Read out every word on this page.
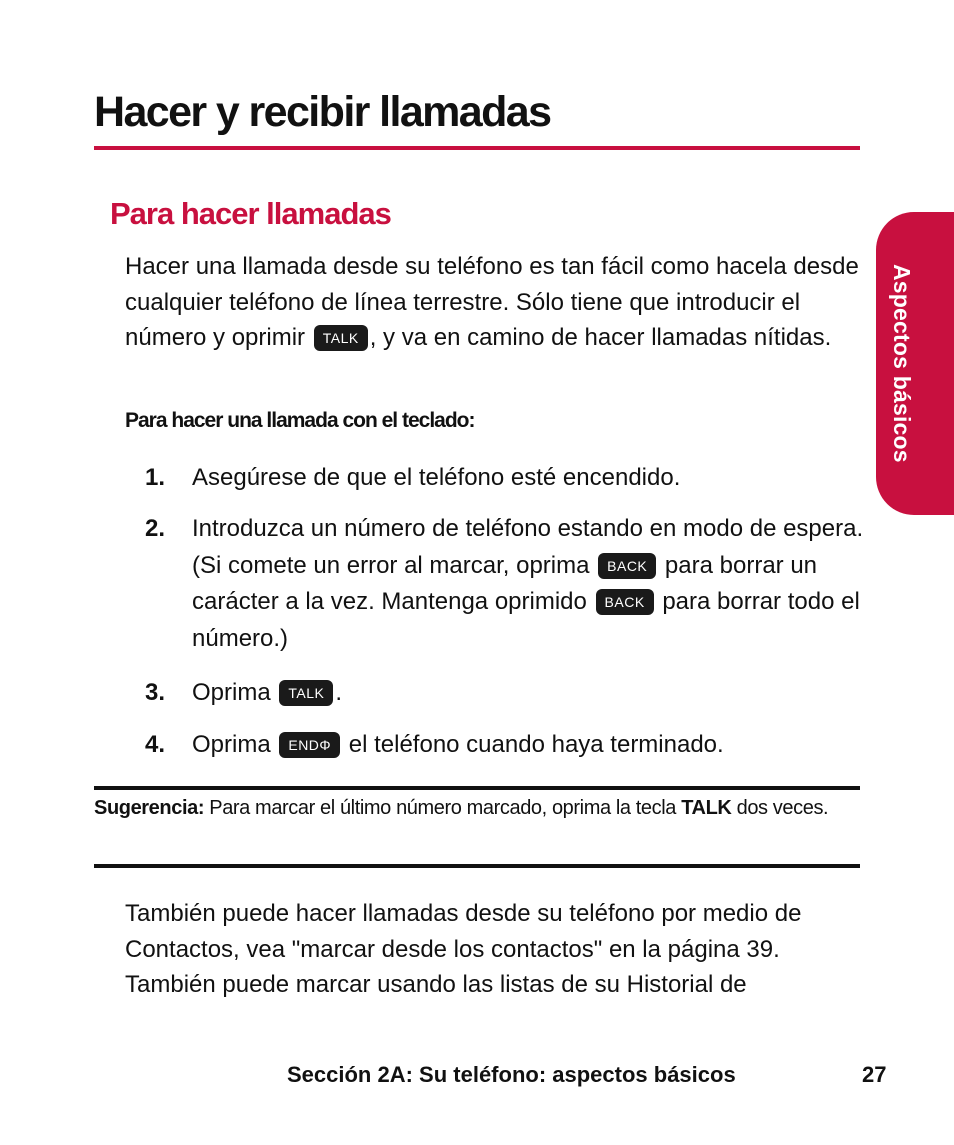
Hacer y recibir llamadas
Aspectos básicos
Para hacer llamadas

Hacer una llamada desde su teléfono es tan fácil como hacela desde cualquier teléfono de línea terrestre. Sólo tiene que introducir el número y oprimir TALK , y va en camino de hacer llamadas nítidas.

Para hacer una llamada con el teclado:

1. Asegúrese de que el teléfono esté encendido.

2. Introduzca un número de teléfono estando en modo de espera. (Si comete un error al marcar, oprima BACK para borrar un carácter a la vez. Mantenga oprimido BACK para borrar todo el número.)

3. Oprima TALK .

4. Oprima ENDΦ el teléfono cuando haya terminado.

Sugerencia: Para marcar el último número marcado, oprima la tecla TALK dos veces.

También puede hacer llamadas desde su teléfono por medio de Contactos, vea "marcar desde los contactos" en la página 39. También puede marcar usando las listas de su Historial de

Sección 2A: Su teléfono: aspectos básicos	27
